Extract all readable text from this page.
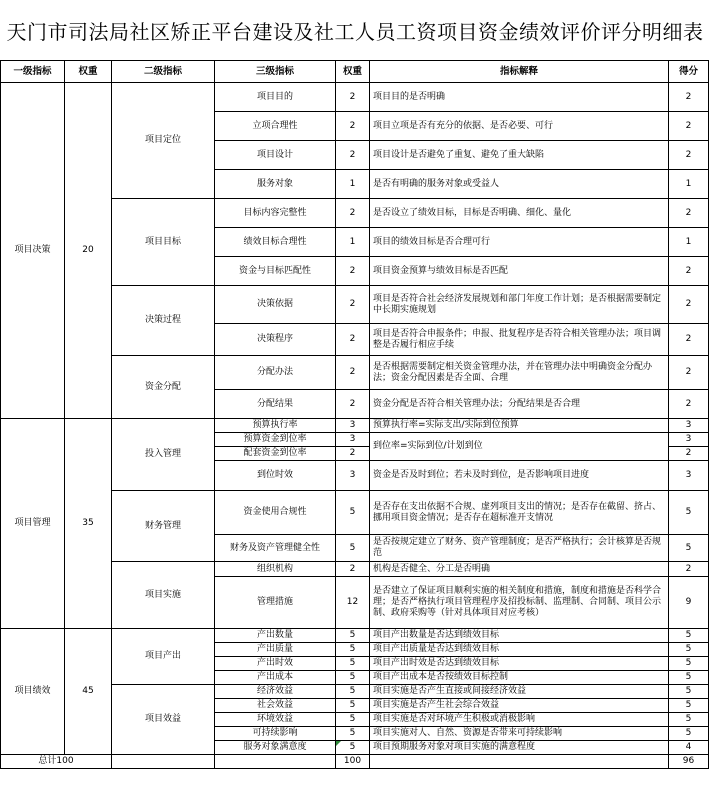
天门市司法局社区矫正平台建设及社工人员工资项目资金绩效评价评分明细表
一级指标	权重	二级指标	三级指标	权重	指标解释	得分
项目决策	20	项目定位	项目目的	2	项目目的是否明确	2
			立项合理性	2	项目立项是否有充分的依据、是否必要、可行	2
			项目设计	2	项目设计是否避免了重复、避免了重大缺陷	2
			服务对象	1	是否有明确的服务对象或受益人	1
		项目目标	目标内容完整性	2	是否设立了绩效目标，目标是否明确、细化、量化	2
			绩效目标合理性	1	项目的绩效目标是否合理可行	1
			资金与目标匹配性	2	项目资金预算与绩效目标是否匹配	2
		决策过程	决策依据	2	项目是否符合社会经济发展规划和部门年度工作计划；是否根据需要制定中长期实施规划	2
			决策程序	2	项目是否符合申报条件；申报、批复程序是否符合相关管理办法；项目调整是否履行相应手续	2
		资金分配	分配办法	2	是否根据需要制定相关资金管理办法，并在管理办法中明确资金分配办法；资金分配因素是否全面、合理	2
			分配结果	2	资金分配是否符合相关管理办法；分配结果是否合理	2
项目管理	35	投入管理	预算执行率	3	预算执行率=实际支出/实际到位预算	3
			预算资金到位率	3	到位率=实际到位/计划到位	3
			配套资金到位率	2		2
			到位时效	3	资金是否及时到位；若未及时到位，是否影响项目进度	3
		财务管理	资金使用合规性	5	是否存在支出依据不合规、虚列项目支出的情况；是否存在截留、挤占、挪用项目资金情况；是否存在超标准开支情况	5
			财务及资产管理健全性	5	是否按规定建立了财务、资产管理制度；是否严格执行；会计核算是否规范	5
		项目实施	组织机构	2	机构是否健全、分工是否明确	2
			管理措施	12	是否建立了保证项目顺利实施的相关制度和措施，制度和措施是否科学合理；是否严格执行项目管理程序及招投标制、监理制、合同制、项目公示制、政府采购等（针对具体项目对应考核）	9
项目绩效	45	项目产出	产出数量	5	项目产出数量是否达到绩效目标	5
			产出质量	5	项目产出质量是否达到绩效目标	5
			产出时效	5	项目产出时效是否达到绩效目标	5
			产出成本	5	项目产出成本是否按绩效目标控制	5
		项目效益	经济效益	5	项目实施是否产生直接或间接经济效益	5
			社会效益	5	项目实施是否产生社会综合效益	5
			环境效益	5	项目实施是否对环境产生积极或消极影响	5
			可持续影响	5	项目实施对人、自然、资源是否带来可持续影响	5
			服务对象满意度	5	项目预期服务对象对项目实施的满意程度	4
总计100				100		96
